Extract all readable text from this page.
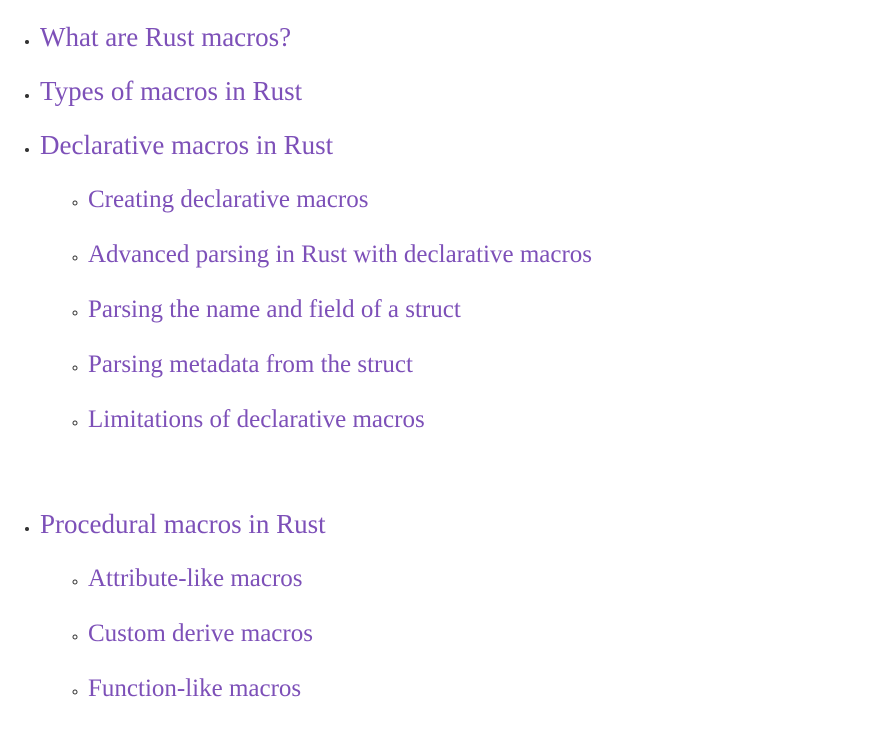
• What are Rust macros?
• Types of macros in Rust
• Declarative macros in Rust
◦ Creating declarative macros
◦ Advanced parsing in Rust with declarative macros
◦ Parsing the name and field of a struct
◦ Parsing metadata from the struct
◦ Limitations of declarative macros
• Procedural macros in Rust
◦ Attribute-like macros
◦ Custom derive macros
◦ Function-like macros
